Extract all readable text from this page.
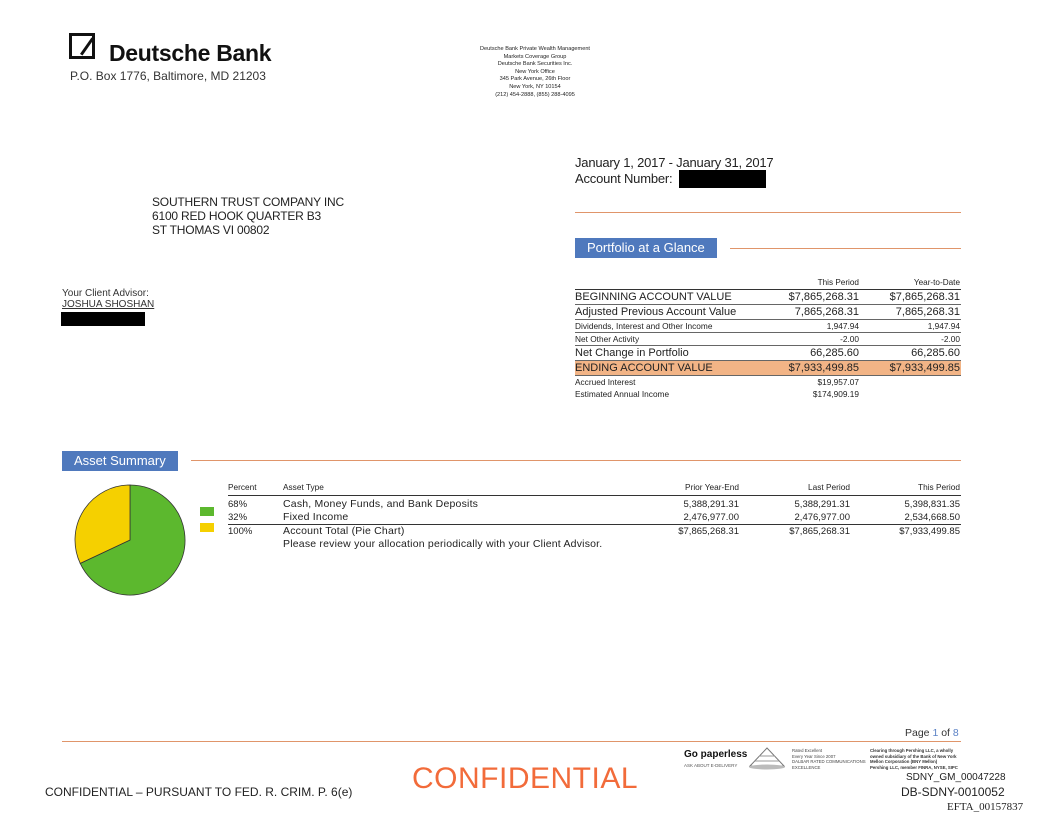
Deutsche Bank
P.O. Box 1776, Baltimore, MD 21203
Deutsche Bank Private Wealth Management
Markets Coverage Group
Deutsche Bank Securities Inc.
New York Office
345 Park Avenue, 26th Floor
New York, NY 10154
(212) 454-2888, (855) 288-4095
January 1, 2017 - January 31, 2017
Account Number:
SOUTHERN TRUST COMPANY INC
6100 RED HOOK QUARTER B3
ST THOMAS VI 00802
Your Client Advisor:
JOSHUA SHOSHAN
Portfolio at a Glance
This Period	Year-to-Date
BEGINNING ACCOUNT VALUE	$7,865,268.31	$7,865,268.31
Adjusted Previous Account Value	7,865,268.31	7,865,268.31
Dividends, Interest and Other Income	1,947.94	1,947.94
Net Other Activity	-2.00	-2.00
Net Change in Portfolio	66,285.60	66,285.60
ENDING ACCOUNT VALUE	$7,933,499.85	$7,933,499.85
Accrued Interest	$19,957.07
Estimated Annual Income	$174,909.19
Asset Summary
Percent	Asset Type	Prior Year-End	Last Period	This Period
68%	Cash, Money Funds, and Bank Deposits	5,388,291.31	5,388,291.31	5,398,831.35
32%	Fixed Income	2,476,977.00	2,476,977.00	2,534,668.50
100%	Account Total (Pie Chart)	$7,865,268.31	$7,865,268.31	$7,933,499.85
Please review your allocation periodically with your Client Advisor.
Page 1 of 8
Go paperless
ASK ABOUT E-DELIVERY
Rated Excellent
Every Year Since 2007
DALBAR RATED COMMUNICATIONS
EXCELLENCE
Clearing through Pershing LLC, a wholly
owned subsidiary of the Bank of New York
Mellon Corporation (BNY Mellon)
Pershing LLC, member FINRA, NYSE, SIPC
CONFIDENTIAL – PURSUANT TO FED. R. CRIM. P. 6(e) CONFIDENTIAL	SDNY_GM_00047228
DB-SDNY-0010052
EFTA_00157837
